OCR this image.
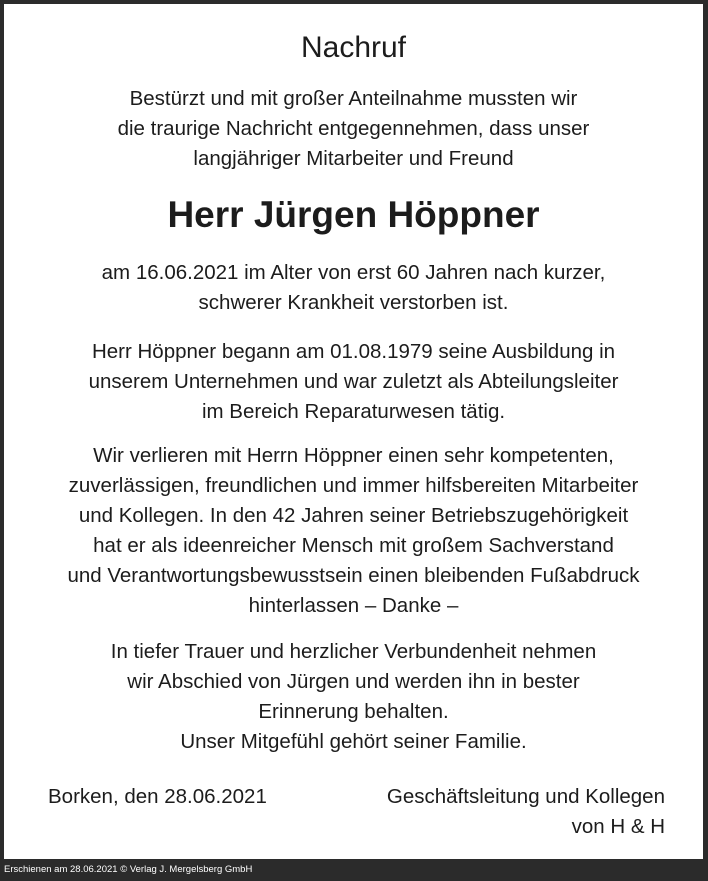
Nachruf

Bestürzt und mit großer Anteilnahme mussten wir
die traurige Nachricht entgegennehmen, dass unser
langjähriger Mitarbeiter und Freund

Herr Jürgen Höppner

am 16.06.2021 im Alter von erst 60 Jahren nach kurzer,
schwerer Krankheit verstorben ist.

Herr Höppner begann am 01.08.1979 seine Ausbildung in
unserem Unternehmen und war zuletzt als Abteilungsleiter
im Bereich Reparaturwesen tätig.

Wir verlieren mit Herrn Höppner einen sehr kompetenten,
zuverlässigen, freundlichen und immer hilfsbereiten Mitarbeiter
und Kollegen. In den 42 Jahren seiner Betriebszugehörigkeit
hat er als ideenreicher Mensch mit großem Sachverstand
und Verantwortungsbewusstsein einen bleibenden Fußabdruck
hinterlassen – Danke –

In tiefer Trauer und herzlicher Verbundenheit nehmen
wir Abschied von Jürgen und werden ihn in bester
Erinnerung behalten.
Unser Mitgefühl gehört seiner Familie.

Borken, den 28.06.2021	Geschäftsleitung und Kollegen
von H & H
Erschienen am 28.06.2021 © Verlag J. Mergelsberg GmbH
